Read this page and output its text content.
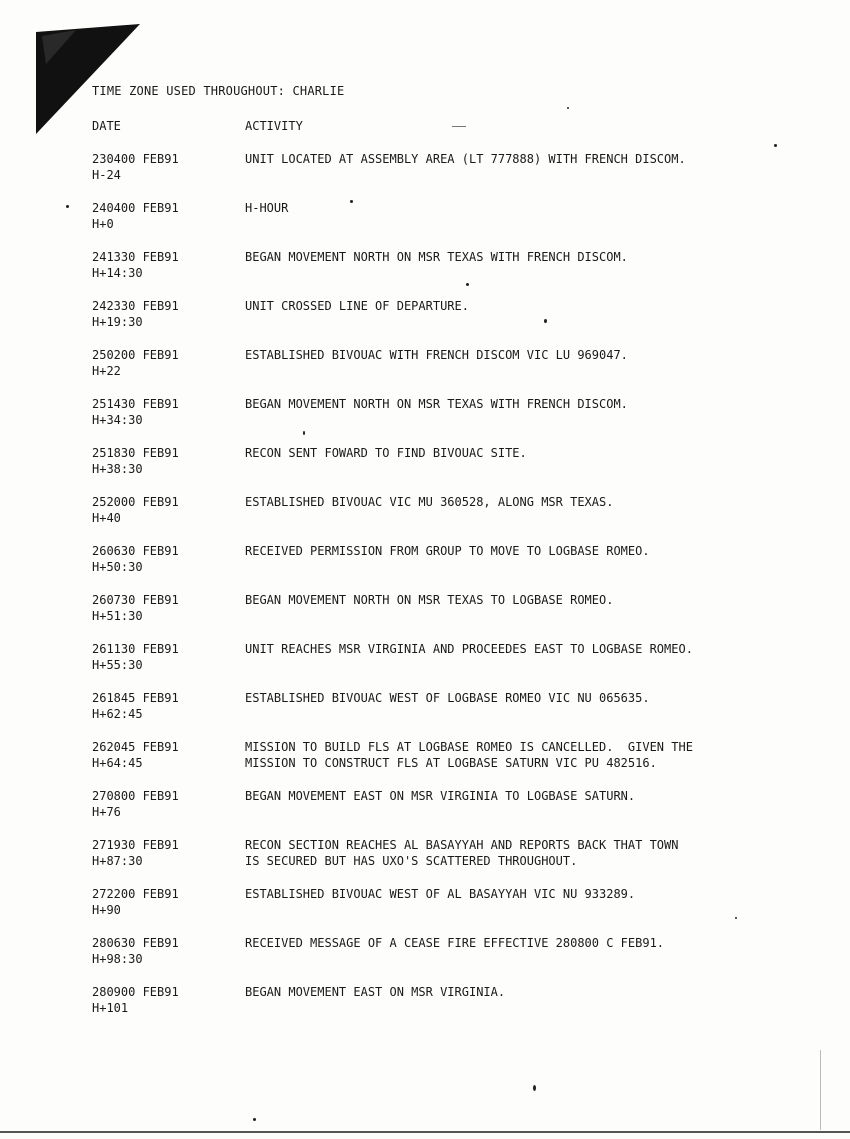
TIME ZONE USED THROUGHOUT: CHARLIE
DATE	ACTIVITY
230400 FEB91
H-24
UNIT LOCATED AT ASSEMBLY AREA (LT 777888) WITH FRENCH DISCOM.
240400 FEB91
H+0
H-HOUR
241330 FEB91
H+14:30
BEGAN MOVEMENT NORTH ON MSR TEXAS WITH FRENCH DISCOM.
242330 FEB91
H+19:30
UNIT CROSSED LINE OF DEPARTURE.
250200 FEB91
H+22
ESTABLISHED BIVOUAC WITH FRENCH DISCOM VIC LU 969047.
251430 FEB91
H+34:30
BEGAN MOVEMENT NORTH ON MSR TEXAS WITH FRENCH DISCOM.
251830 FEB91
H+38:30
RECON SENT FOWARD TO FIND BIVOUAC SITE.
252000 FEB91
H+40
ESTABLISHED BIVOUAC VIC MU 360528, ALONG MSR TEXAS.
260630 FEB91
H+50:30
RECEIVED PERMISSION FROM GROUP TO MOVE TO LOGBASE ROMEO.
260730 FEB91
H+51:30
BEGAN MOVEMENT NORTH ON MSR TEXAS TO LOGBASE ROMEO.
261130 FEB91
H+55:30
UNIT REACHES MSR VIRGINIA AND PROCEEDES EAST TO LOGBASE ROMEO.
261845 FEB91
H+62:45
ESTABLISHED BIVOUAC WEST OF LOGBASE ROMEO VIC NU 065635.
262045 FEB91
H+64:45
MISSION TO BUILD FLS AT LOGBASE ROMEO IS CANCELLED.  GIVEN THE
MISSION TO CONSTRUCT FLS AT LOGBASE SATURN VIC PU 482516.
270800 FEB91
H+76
BEGAN MOVEMENT EAST ON MSR VIRGINIA TO LOGBASE SATURN.
271930 FEB91
H+87:30
RECON SECTION REACHES AL BASAYYAH AND REPORTS BACK THAT TOWN
IS SECURED BUT HAS UXO'S SCATTERED THROUGHOUT.
272200 FEB91
H+90
ESTABLISHED BIVOUAC WEST OF AL BASAYYAH VIC NU 933289.
280630 FEB91
H+98:30
RECEIVED MESSAGE OF A CEASE FIRE EFFECTIVE 280800 C FEB91.
280900 FEB91
H+101
BEGAN MOVEMENT EAST ON MSR VIRGINIA.
